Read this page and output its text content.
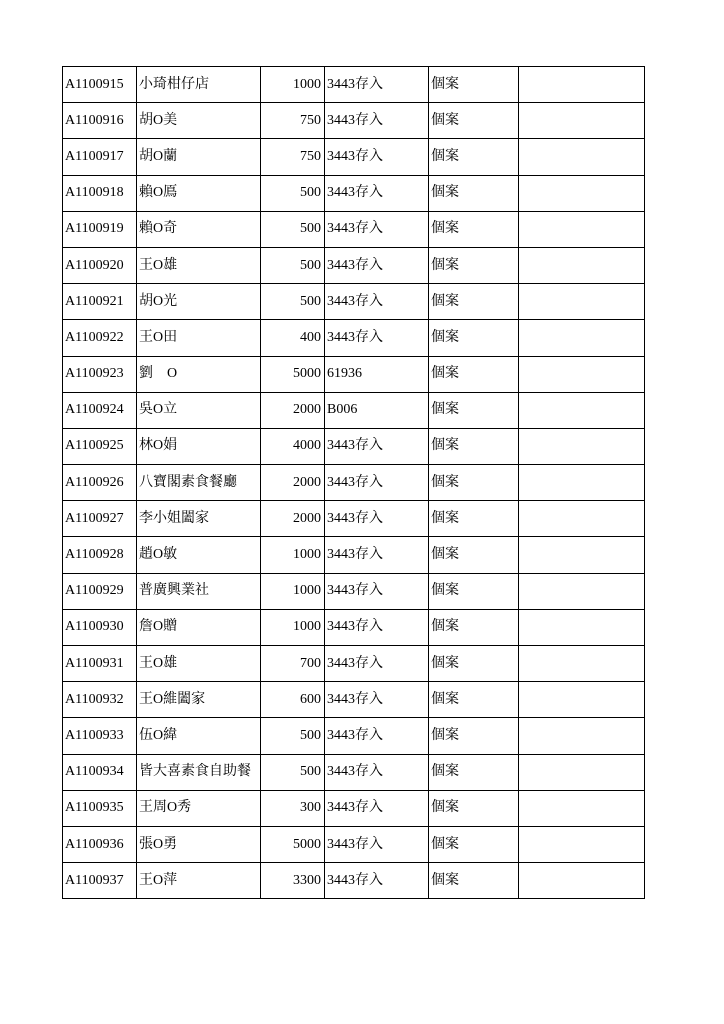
A1100915	小琦柑仔店	1000	3443存入	個案	
A1100916	胡O美	750	3443存入	個案	
A1100917	胡O蘭	750	3443存入	個案	
A1100918	賴O鳫	500	3443存入	個案	
A1100919	賴O奇	500	3443存入	個案	
A1100920	王O雄	500	3443存入	個案	
A1100921	胡O光	500	3443存入	個案	
A1100922	王O田	400	3443存入	個案	
A1100923	劉　O	5000	61936	個案	
A1100924	吳O立	2000	B006	個案	
A1100925	林O娟	4000	3443存入	個案	
A1100926	八寶閣素食餐廳	2000	3443存入	個案	
A1100927	李小姐闔家	2000	3443存入	個案	
A1100928	趙O敏	1000	3443存入	個案	
A1100929	普廣興業社	1000	3443存入	個案	
A1100930	詹O贈	1000	3443存入	個案	
A1100931	王O雄	700	3443存入	個案	
A1100932	王O維闔家	600	3443存入	個案	
A1100933	伍O緯	500	3443存入	個案	
A1100934	皆大喜素食自助餐	500	3443存入	個案	
A1100935	王周O秀	300	3443存入	個案	
A1100936	張O勇	5000	3443存入	個案	
A1100937	王O萍	3300	3443存入	個案	
